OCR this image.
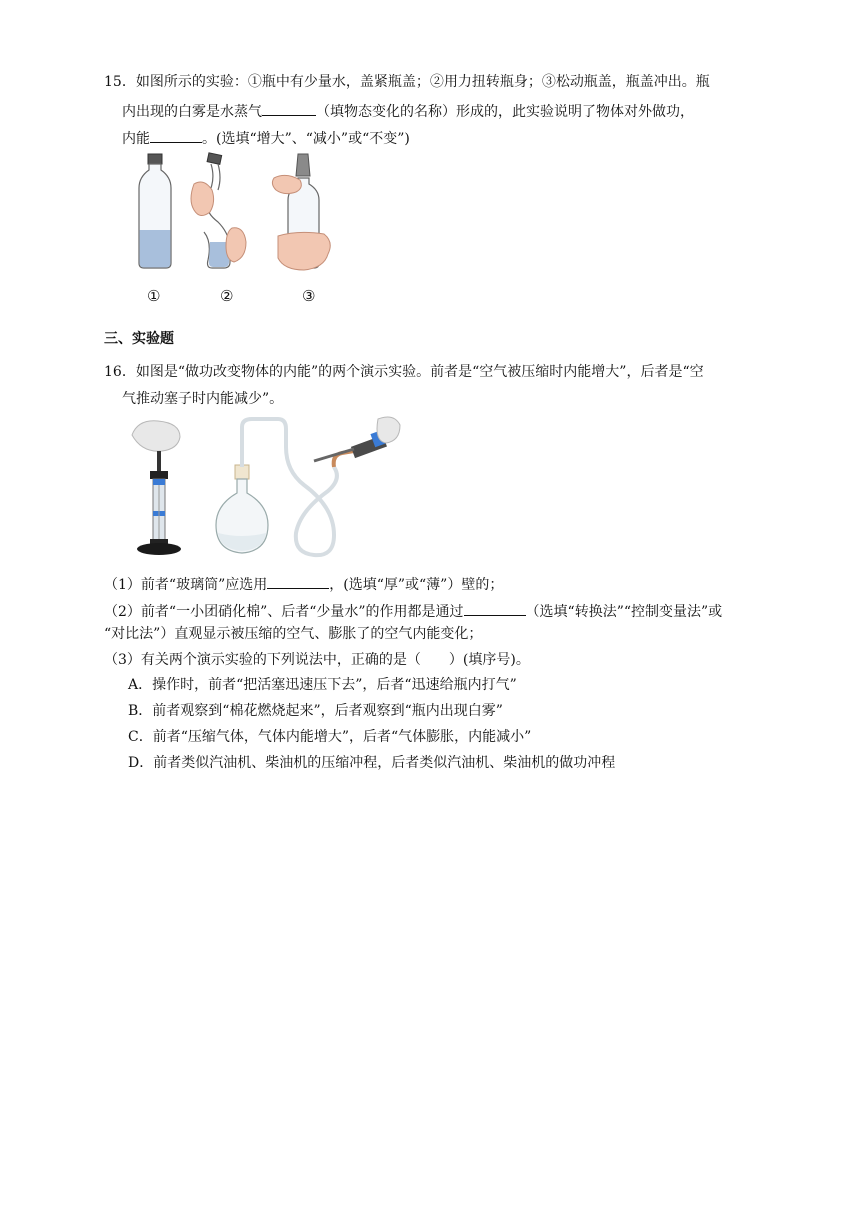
15．如图所示的实验：①瓶中有少量水，盖紧瓶盖；②用力扭转瓶身；③松动瓶盖，瓶盖冲出。瓶
内出现的白雾是水蒸气	（填物态变化的名称）形成的，此实验说明了物体对外做功，
内能	。(选填“增大”、“减小”或“不变”)
①	②	③
三、实验题
16．如图是“做功改变物体的内能”的两个演示实验。前者是“空气被压缩时内能增大”，后者是“空
气推动塞子时内能减少”。
（1）前者“玻璃筒”应选用	，(选填“厚”或“薄”）壁的；
（2）前者“一小团硝化棉”、后者“少量水”的作用都是通过	（选填“转换法”“控制变量法”或
“对比法”）直观显示被压缩的空气、膨胀了的空气内能变化；
（3）有关两个演示实验的下列说法中，正确的是（　　）(填序号)。
A．操作时，前者“把活塞迅速压下去”，后者“迅速给瓶内打气”
B．前者观察到“棉花燃烧起来”，后者观察到“瓶内出现白雾”
C．前者“压缩气体，气体内能增大”，后者“气体膨胀，内能减小”
D．前者类似汽油机、柴油机的压缩冲程，后者类似汽油机、柴油机的做功冲程
